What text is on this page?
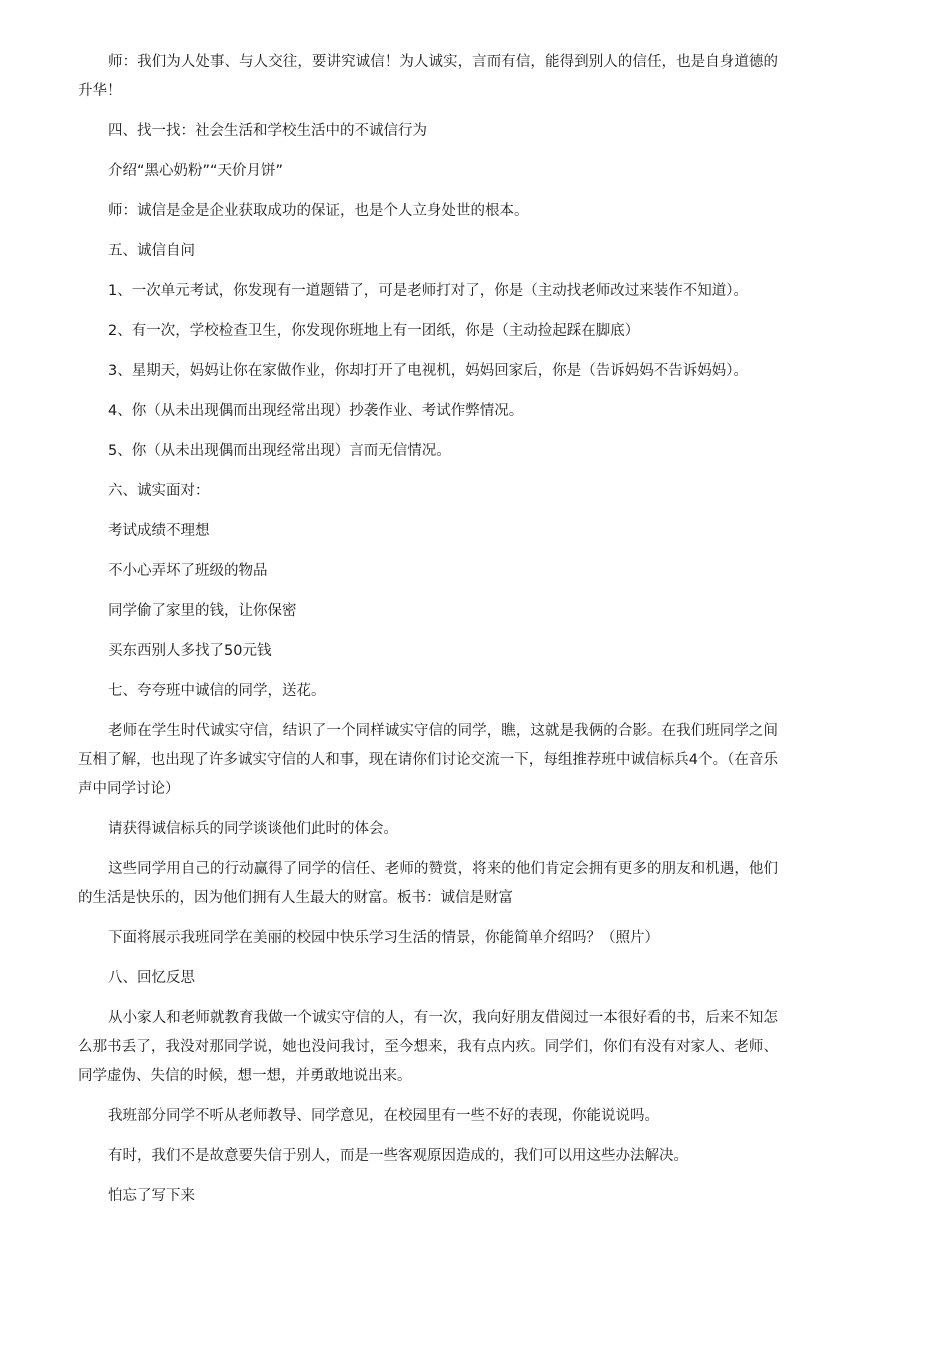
师：我们为人处事、与人交往，要讲究诚信！为人诚实，言而有信，能得到别人的信任，也是自身道德的升华！

四、找一找：社会生活和学校生活中的不诚信行为

介绍“黑心奶粉”“天价月饼”

师：诚信是金是企业获取成功的保证，也是个人立身处世的根本。

五、诚信自问

1、一次单元考试，你发现有一道题错了，可是老师打对了，你是（主动找老师改过来装作不知道）。

2、有一次，学校检查卫生，你发现你班地上有一团纸，你是（主动捡起踩在脚底）

3、星期天，妈妈让你在家做作业，你却打开了电视机，妈妈回家后，你是（告诉妈妈不告诉妈妈）。

4、你（从未出现偶而出现经常出现）抄袭作业、考试作弊情况。

5、你（从未出现偶而出现经常出现）言而无信情况。

六、诚实面对：

考试成绩不理想

不小心弄坏了班级的物品

同学偷了家里的钱，让你保密

买东西别人多找了50元钱

七、夸夸班中诚信的同学，送花。

老师在学生时代诚实守信，结识了一个同样诚实守信的同学，瞧，这就是我俩的合影。在我们班同学之间互相了解，也出现了许多诚实守信的人和事，现在请你们讨论交流一下，每组推荐班中诚信标兵4个。（在音乐声中同学讨论）

请获得诚信标兵的同学谈谈他们此时的体会。

这些同学用自己的行动赢得了同学的信任、老师的赞赏，将来的他们肯定会拥有更多的朋友和机遇，他们的生活是快乐的，因为他们拥有人生最大的财富。板书：诚信是财富

下面将展示我班同学在美丽的校园中快乐学习生活的情景，你能简单介绍吗？（照片）

八、回忆反思

从小家人和老师就教育我做一个诚实守信的人，有一次，我向好朋友借阅过一本很好看的书，后来不知怎么那书丢了，我没对那同学说，她也没问我讨，至今想来，我有点内疚。同学们，你们有没有对家人、老师、同学虚伪、失信的时候，想一想，并勇敢地说出来。

我班部分同学不听从老师教导、同学意见，在校园里有一些不好的表现，你能说说吗。

有时，我们不是故意要失信于别人，而是一些客观原因造成的，我们可以用这些办法解决。

怕忘了写下来
